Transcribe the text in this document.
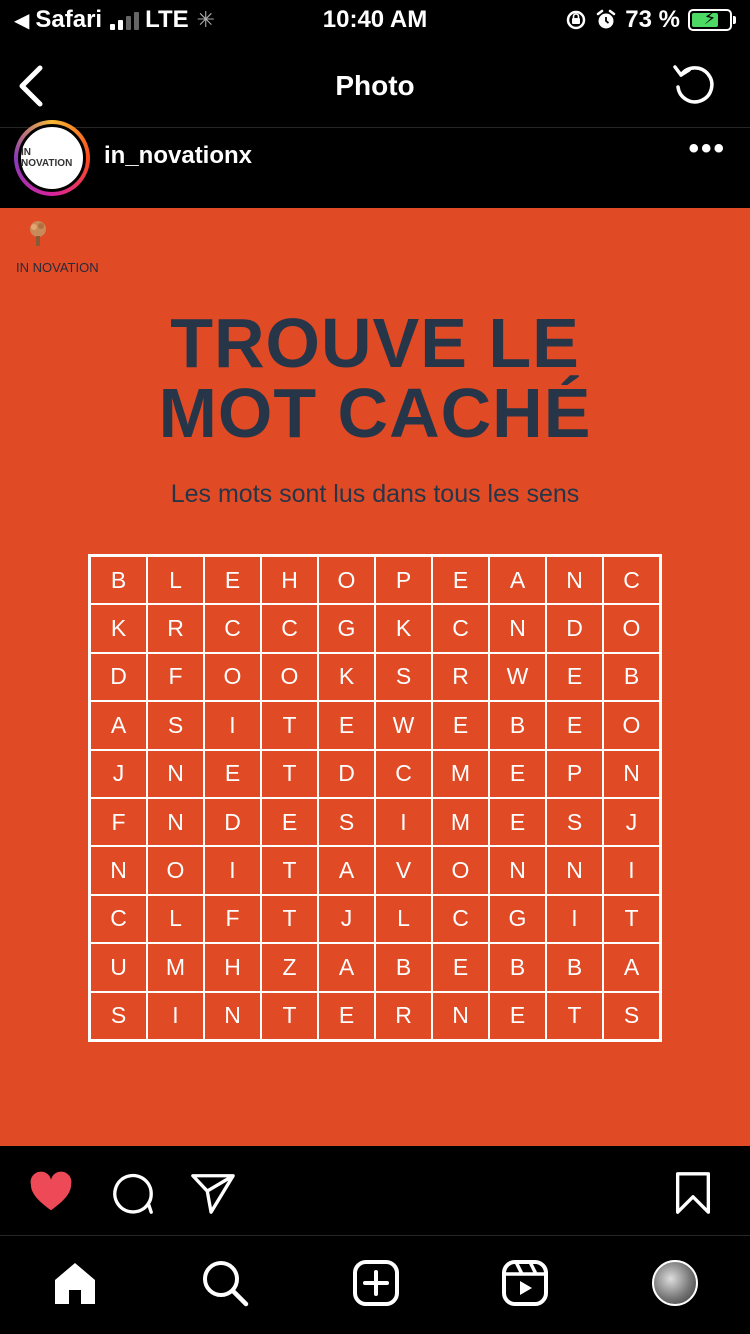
◀ Safari LTE ✳	10:40 AM	73 %	⚡
Photo
IN NOVATION	in_novationx	•••
IN NOVATION
TROUVE LE
MOT CACHÉ
Les mots sont lus dans tous les sens
B	L	E	H	O	P	E	A	N	C
K	R	C	C	G	K	C	N	D	O
D	F	O	O	K	S	R	W	E	B
A	S	I	T	E	W	E	B	E	O
J	N	E	T	D	C	M	E	P	N
F	N	D	E	S	I	M	E	S	J
N	O	I	T	A	V	O	N	N	I
C	L	F	T	J	L	C	G	I	T
U	M	H	Z	A	B	E	B	B	A
S	I	N	T	E	R	N	E	T	S
